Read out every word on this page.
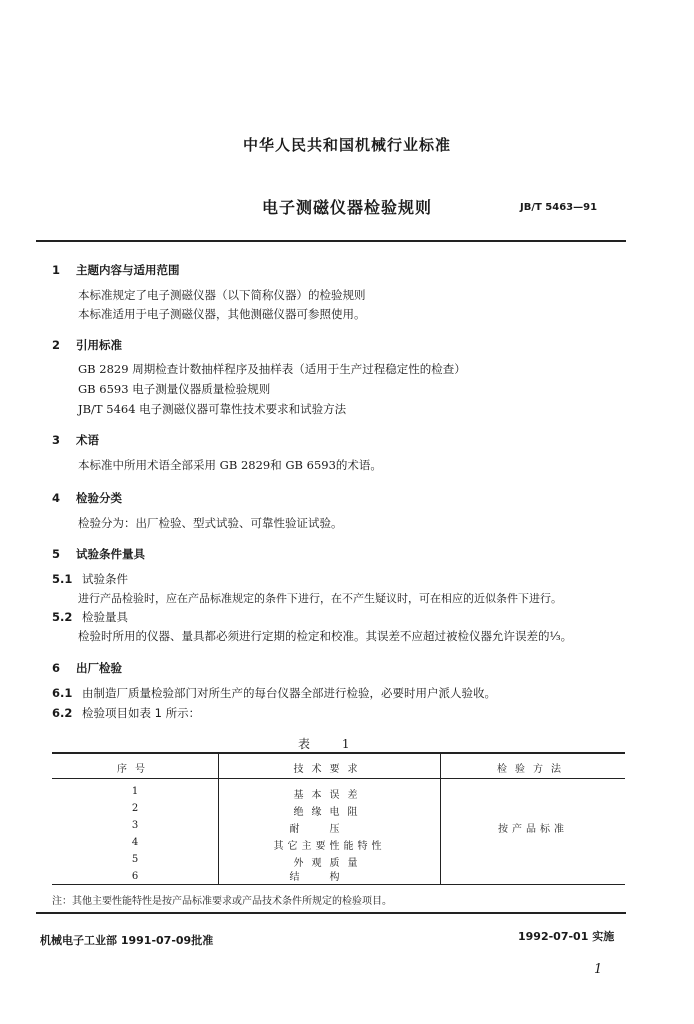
中华人民共和国机械行业标准
电子测磁仪器检验规则	JB/T 5463—91
1 主题内容与适用范围
本标准规定了电子测磁仪器（以下简称仪器）的检验规则
本标准适用于电子测磁仪器，其他测磁仪器可参照使用。
2 引用标准
GB 2829 周期检查计数抽样程序及抽样表（适用于生产过程稳定性的检查）
GB 6593 电子测量仪器质量检验规则
JB/T 5464 电子测磁仪器可靠性技术要求和试验方法
3 术语
本标准中所用术语全部采用 GB 2829和 GB 6593的术语。
4 检验分类
检验分为：出厂检验、型式试验、可靠性验证试验。
5 试验条件量具
5.1 试验条件
进行产品检验时，应在产品标准规定的条件下进行，在不产生疑议时，可在相应的近似条件下进行。
5.2 检验量具
检验时所用的仪器、量具都必须进行定期的检定和校准。其误差不应超过被检仪器允许误差的⅓。
6 出厂检验
6.1 由制造厂质量检验部门对所生产的每台仪器全部进行检验，必要时用户派人验收。
6.2 检验项目如表 1 所示：
表 1
序号	技术要求	检验方法
1	基本误差
2	绝缘电阻
3	耐压
4	其它主要性能特性
5	外观质量
6	结构
按产品标准
注：其他主要性能特性是按产品标准要求或产品技术条件所规定的检验项目。
机械电子工业部 1991-07-09批准	1992-07-01 实施
1
